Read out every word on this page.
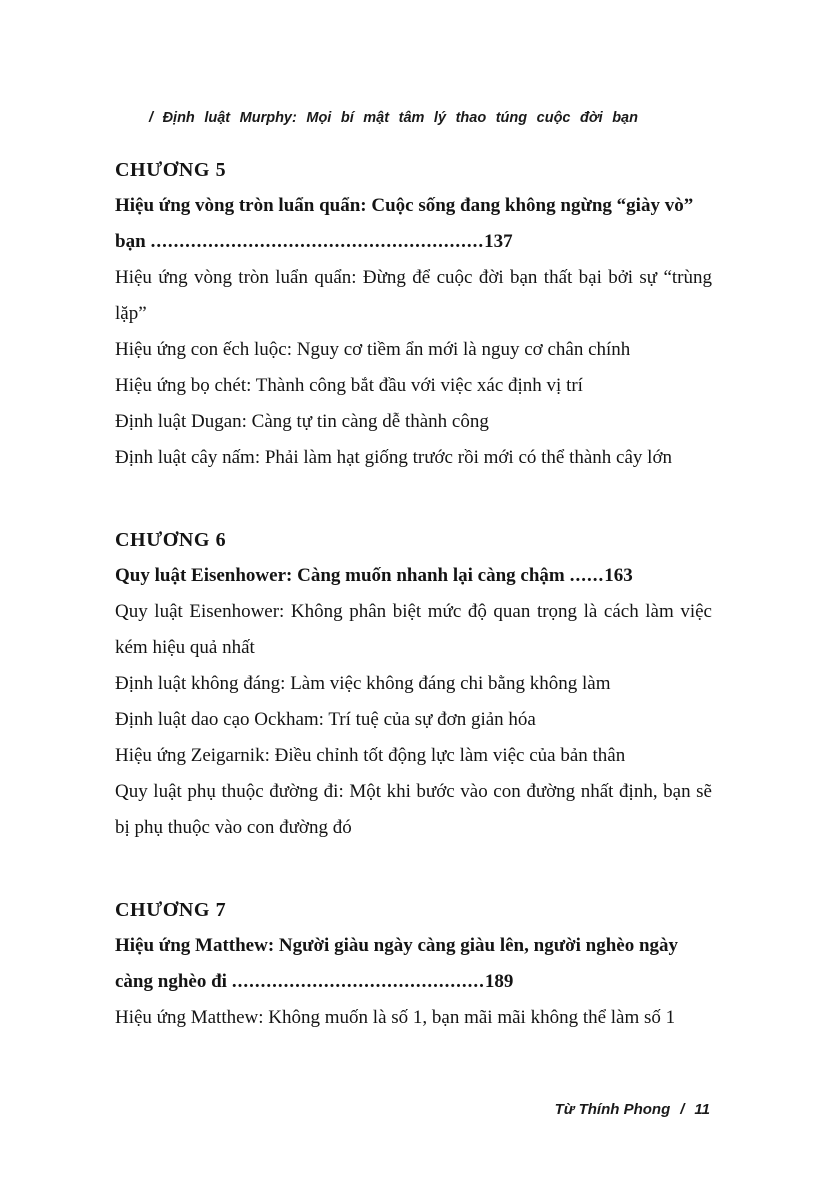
/ Định luật Murphy: Mọi bí mật tâm lý thao túng cuộc đời bạn

CHƯƠNG 5

Hiệu ứng vòng tròn luẩn quẩn: Cuộc sống đang không ngừng “giày vò” bạn ..........................................................137

Hiệu ứng vòng tròn luẩn quẩn: Đừng để cuộc đời bạn thất bại bởi sự “trùng lặp”

Hiệu ứng con ếch luộc: Nguy cơ tiềm ẩn mới là nguy cơ chân chính

Hiệu ứng bọ chét: Thành công bắt đầu với việc xác định vị trí

Định luật Dugan: Càng tự tin càng dễ thành công

Định luật cây nấm: Phải làm hạt giống trước rồi mới có thể thành cây lớn

CHƯƠNG 6

Quy luật Eisenhower: Càng muốn nhanh lại càng chậm ......163

Quy luật Eisenhower: Không phân biệt mức độ quan trọng là cách làm việc kém hiệu quả nhất

Định luật không đáng: Làm việc không đáng chi bằng không làm

Định luật dao cạo Ockham: Trí tuệ của sự đơn giản hóa

Hiệu ứng Zeigarnik: Điều chỉnh tốt động lực làm việc của bản thân

Quy luật phụ thuộc đường đi: Một khi bước vào con đường nhất định, bạn sẽ bị phụ thuộc vào con đường đó

CHƯƠNG 7

Hiệu ứng Matthew: Người giàu ngày càng giàu lên, người nghèo ngày càng nghèo đi ............................................189

Hiệu ứng Matthew: Không muốn là số 1, bạn mãi mãi không thể làm số 1

Từ Thính Phong / 11
